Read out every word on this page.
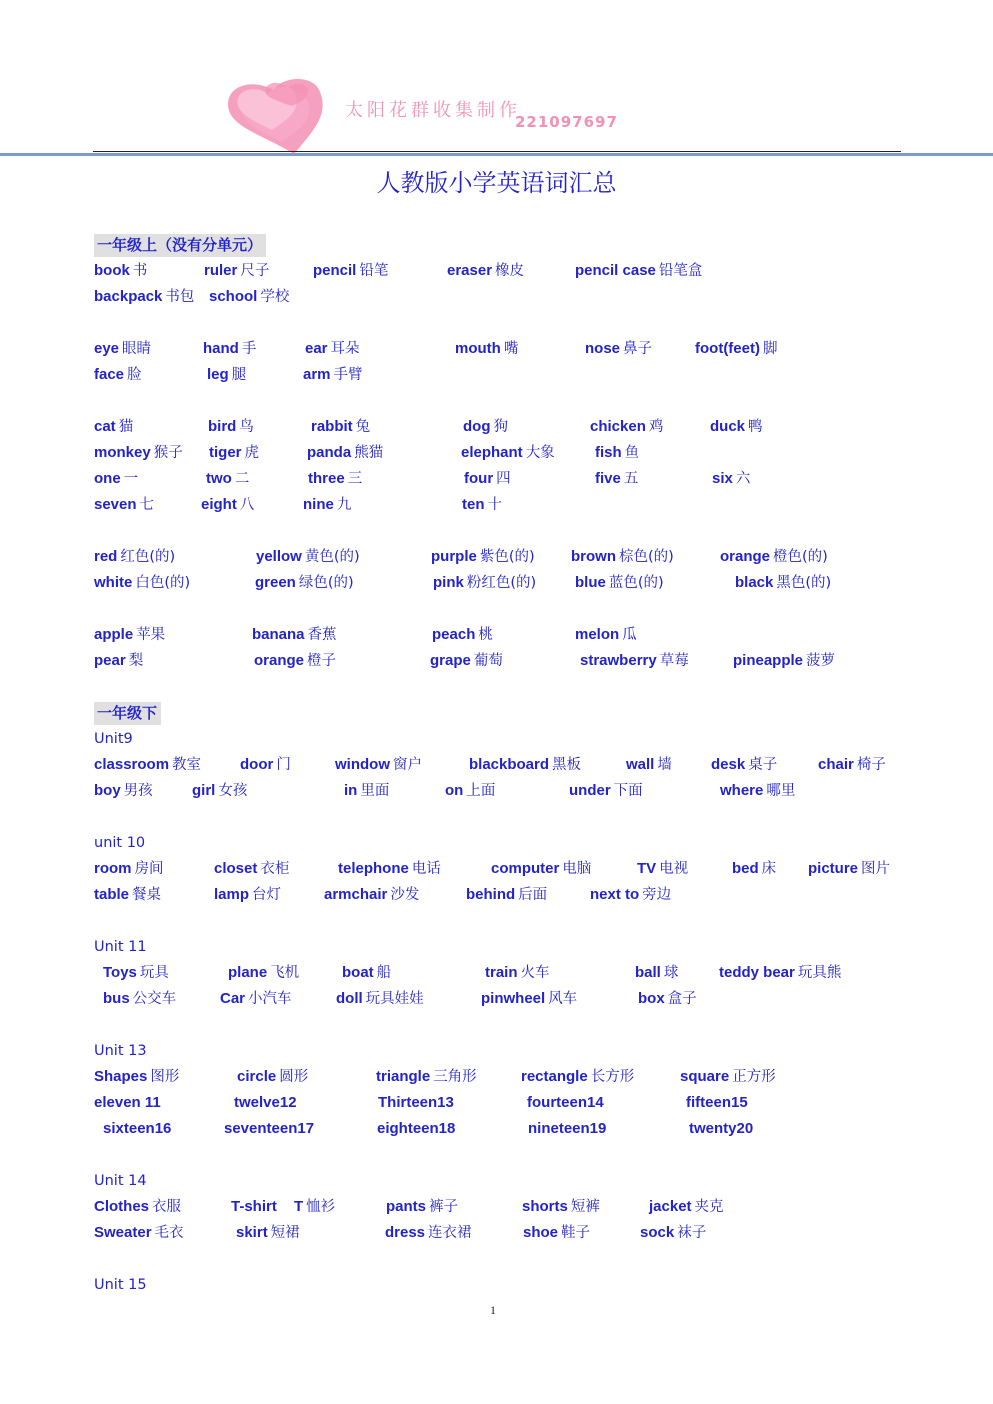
太阳花群收集制作
221097697
人教版小学英语词汇总
一年级上（没有分单元）
一年级下
Unit9
unit 10
Unit 11
Unit 13
Unit 14
Unit 15
book 书	ruler 尺子	pencil 铅笔	eraser 橡皮	pencil case 铅笔盒
backpack 书包 school 学校
eye 眼睛	hand 手	ear 耳朵	mouth 嘴	nose 鼻子	foot(feet) 脚
face 脸	leg 腿	arm 手臂
cat 猫	bird 鸟	rabbit 兔	dog 狗	chicken 鸡	duck 鸭
monkey 猴子 tiger 虎	panda 熊猫	elephant 大象	fish 鱼
one 一	two 二	three 三	four 四	five 五	six 六
seven 七	eight 八	nine 九	ten 十
red 红色(的)	yellow 黄色(的)	purple 紫色(的) brown 棕色(的)	orange 橙色(的)
white 白色(的)	green 绿色(的)	pink 粉红色(的)	blue 蓝色(的)	black 黑色(的)
apple 苹果	banana 香蕉	peach 桃	melon 瓜
pear 梨	orange 橙子	grape 葡萄	strawberry 草莓	pineapple 菠萝
classroom 教室	door 门	window 窗户	blackboard 黑板	wall 墙	desk 桌子	chair 椅子
boy 男孩	girl 女孩	in 里面	on 上面	under 下面	where 哪里
room 房间	closet 衣柜	telephone 电话	computer 电脑	TV 电视	bed 床 picture 图片
table 餐桌	lamp 台灯	armchair 沙发	behind 后面	next to 旁边
Toys 玩具	plane 飞机	boat 船	train 火车	ball 球	teddy bear 玩具熊
bus 公交车	Car 小汽车	doll 玩具娃娃	pinwheel 风车	box 盒子
Shapes 图形	circle 圆形	triangle 三角形	rectangle 长方形	square 正方形
eleven 11	twelve12	Thirteen13	fourteen14	fifteen15
sixteen16	seventeen17	eighteen18	nineteen19	twenty20
Clothes 衣服	T-shirt T 恤衫	pants 裤子	shorts 短裤	jacket 夹克
Sweater 毛衣	skirt 短裙	dress 连衣裙	shoe 鞋子	sock 袜子
1
